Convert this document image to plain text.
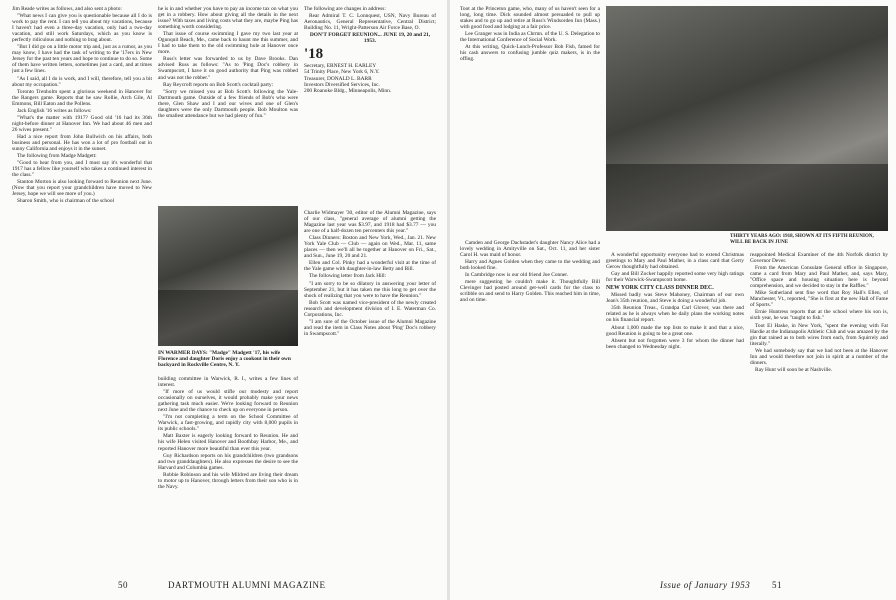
Jim Reade writes as follows, and also sent a photo:

"What news I can give you is questionable because all I do is work to pay the rent. I can tell you about my vacations, because I haven't had even a three-day vacation, only had a two-day vacation, and still work Saturdays, which as you know is perfectly ridiculous and nothing to brag about.

"But I did go on a little motor trip and, just as a rumor, as you may know, I have had the task of writing to the '17ers in New Jersey for the past ten years and hope to continue to do so. Some of them have written letters, sometimes just a card, and at times just a few lines.

"As I said, all I do is work, and I will, therefore, tell you a bit about my occupation."

Toronto Trenholm spent a glorious weekend in Hanover for the Rangers game. Reports that he saw Rollie, Arch Gile, Al Emmons, Bill Eaton and the Pollens.

Jack English '16 writes as follows:

"What's the matter with 1917? Good old '16 had its 36th night-before dinner at Hanover Inn. We had about 46 men and 26 wives present."

Had a nice report from John Bullwich on his affairs, both business and personal. He has won a lot of pro football out in sunny California and enjoys it in the sunset.

The following from Madge Madgett:

"Good to hear from you, and I must say it's wonderful that 1917 has a fellow like yourself who takes a continued interest in the class."

Stanton Morton is also looking forward to Reunion next June. (Now that you report your grandchildren have moved to New Jersey, hope we will see more of you.)

Sharon Smith, who is chairman of the school

he is in and whether you have to pay an income tax on what you get in a robbery. How about giving all the details in the next issue? With taxes and living costs what they are, maybe Ping has something worth considering.

That issue of course swimming I gave my two last year at Ogunquit Beach, Me., came back to haunt me this summer, and I had to take them to the old swimming hole at Hanover once more.

Russ's letter was forwarded to us by Dave Brooks. Dan advised Russ as follows: "As to 'Ping Doc's robbery in Swampscott, I have it on good authority that Ping was robbed and was not the robber."

Ray Reycroft reports on Bob Scott's cocktail party:

"Sorry we missed you at Bob Scott's following the Yale-Dartmouth game. Outside of a few friends of Bob's who were there, Glen Shaw and I and our wives and one of Glen's daughters were the only Dartmouth people. Bob Moulton was the smallest attendance but we had plenty of fun."

The following are changes in address:

Rear Admiral T. C. Lonnquest, USN, Navy Bureau of Aeronautics, General Representative, Central District; Building No. 11, Wright-Patterson Air Force Base, O.

DON'T FORGET REUNION... JUNE 19, 20 and 21, 1953.

'18

Secretary, ERNEST H. EARLEY
54 Trinity Place, New York 6, N.Y.

Treasurer, DONALD L. BARR
Investors Diversified Services, Inc.
200 Roanoke Bldg., Minneapolis, Minn.

IN WARMER DAYS: "Madge" Madgett '17, his wife Florence and daughter Doris enjoy a cookout in their own backyard in Rockville Centre, N. Y.

building committee in Warwick, R. I., writes a few lines of interest.

"If more of us would stifle our modesty and report occasionally on ourselves, it would probably make your news gathering task much easier. We're looking forward to Reunion next June and the chance to check up on everyone in person.

"I'm not completing a term on the School Committee of Warwick, a fast-growing, and rapidly city with 8,000 pupils in its public schools."

Matt Baxter is eagerly looking forward to Reunion. He and his wife Helen visited Hanover and Boothbay Harbor, Me., and reported Hanover more beautiful than ever this year.

Guy Richardson reports on his grandchildren (two grandsons and two granddaughters). He also expresses the desire to see the Harvard and Columbia games.

Robbie Robinson and his wife Mildred are living their dream to motor up to Hanover, through letters from their son who is in the Navy.

Charlie Widmayer '30, editor of the Alumni Magazine, says of our class, "general average of alumni getting the Magazine last year was $3.97, and 1918 had $3.77 — you are one of a half-dozen ten percenters this year."

Class Dinners: Boston and New York, Wed., Jan. 21. New York Yale Club — Club — again on Wed., Mar. 11, same places — then we'll all be together at Hanover on Fri., Sat., and Sun., June 19, 20 and 21.

Ellen and Col. Pinky had a wonderful visit at the time of the Yale game with daughter-in-law Betty and Bill.

The following letter from Jack Hill:

"I am sorry to be so dilatory in answering your letter of September 21, but it has taken me this long to get over the shock of realizing that you were to have the Reunion."

Bob Scott was named vice-president of the newly created research and development division of I. E. Waterman Co. Corporations, Inc.

"I am sure of the October issue of the Alumni Magazine and read the item in Class Notes about 'Ping' Doc's robbery in Swampscott."

50	DARTMOUTH ALUMNI MAGAZINE

Toot at the Princeton game, who, many of us haven't seen for a long, long time. Dick sounded almost persuaded to pull up stakes and to go up and retire at Russ's Windsorden Inn (Mass.) with good food and lodging at a fair price.

Lee Granger was in India as Chrmn. of the U. S. Delegation to the International Conference of Social Work.

At this writing, Quick-Lunch-Professor Bob Fish, famed for his cash answers to confusing jumble quiz makers, is in the offing.

THIRTY YEARS AGO: 1918, SHOWN AT ITS FIFTH REUNION, WILL BE BACK IN JUNE

Camden and George Dachstader's daughter Nancy Alice had a lovely wedding in Amityville on Sat., Oct. 11, and her sister Carol H. was maid of honor.

Harry and Agnes Golden when they came to the wedding and both looked fine.

In Cambridge now is our old friend Joe Conner.

mere suggesting he couldn't make it. Thoughtfully Bill Clevinger had posted around get-well cards for the class to scribble on and send to Harry Golden. This reached him in time, and on time.

A wonderful opportunity everyone had to extend Christmas greetings to Mary and Paul Mather, in a class card that Gerry Gerow thoughtfully had obtained.

Gay and Bill Zocker happily reported some very high ratings for their Warwick-Swampscott home.

NEW YORK CITY CLASS DINNER DEC.

Missed badly was Steve Mahoney, Chairman of our own Jean's 35th reunion, and Steve is doing a wonderful job.

35th Reunion Treas., Grandpa Carl Glover, was there and related as he is always when he daily plans the working notes on his financial report.

About 1,000 made the top lists to make it and that a nice, good Reunion is going to be a great one.

Absent but not forgotten were 3 for whom the dinner had been changed to Wednesday night.

reappointed Medical Examiner of the 4th Norfolk district by Governor Dever.

From the American Consulate General office in Singapore, came a card from Mary and Paul Mather, and, says Mary, "Office space and housing situation here is beyond comprehension, and we decided to stay in the Raffles."

Mike Sutherland sent fine word that Roy Hall's Ellen, of Manchester, Vt., reported, "She is first at the new Hall of Fame of Sports."

Ernie Huntress reports that at the school where his son is, sixth year, he was "taught to fish."

Toot El Haske, in New York, "spent the evening with Fat Hardie at the Indianapolis Athletic Club and was amazed by the gin that rained as to both wires from each, from Squirrely and literally."

We had somebody say that we had not been at the Hanover Inn and would therefore not join in spirit at a number of the dinners.

Ray Hunt will soon be at Nashville.

Issue of January 1953 51
